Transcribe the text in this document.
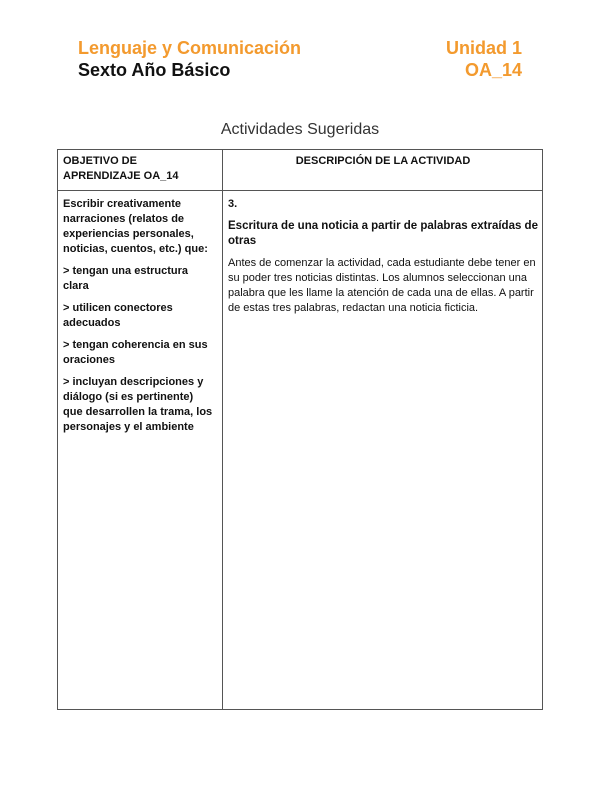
Lenguaje y Comunicación
Sexto Año Básico
Unidad 1
OA_14
Actividades Sugeridas
OBJETIVO DE APRENDIZAJE OA_14
DESCRIPCIÓN DE LA ACTIVIDAD

Escribir creativamente narraciones (relatos de experiencias personales, noticias, cuentos, etc.) que:

> tengan una estructura clara

> utilicen conectores adecuados

> tengan coherencia en sus oraciones

> incluyan descripciones y diálogo (si es pertinente) que desarrollen la trama, los personajes y el ambiente

3.

Escritura de una noticia a partir de palabras extraídas de otras

Antes de comenzar la actividad, cada estudiante debe tener en su poder tres noticias distintas. Los alumnos seleccionan una palabra que les llame la atención de cada una de ellas. A partir de estas tres palabras, redactan una noticia ficticia.
